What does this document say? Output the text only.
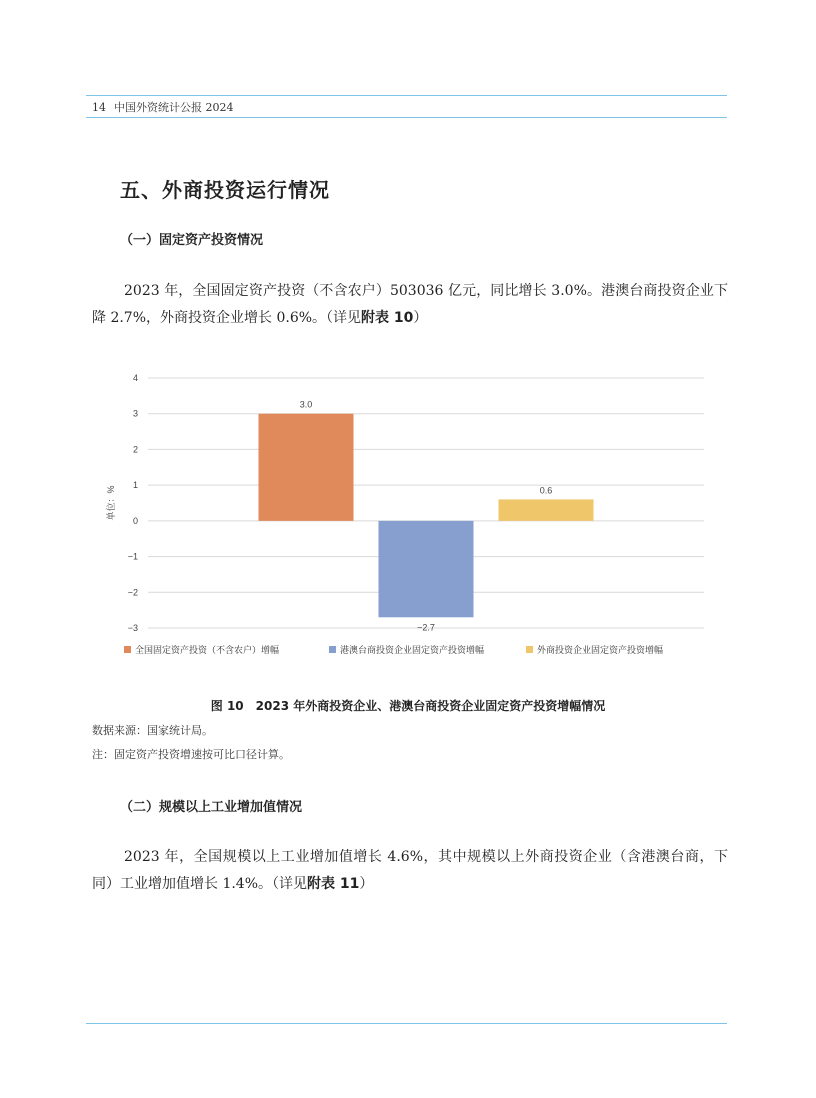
14 中国外资统计公报 2024
五、外商投资运行情况
（一）固定资产投资情况
2023 年，全国固定资产投资（不含农户）503036 亿元，同比增长 3.0%。港澳台商投资企业下降 2.7%，外商投资企业增长 0.6%。（详见附表 10）
4
3
2
1
0
−1
−2
−3
单位：%
3.0
−2.7
0.6
全国固定资产投资（不含农户）增幅	港澳台商投资企业固定资产投资增幅	外商投资企业固定资产投资增幅
图 10　2023 年外商投资企业、港澳台商投资企业固定资产投资增幅情况
数据来源：国家统计局。
注：固定资产投资增速按可比口径计算。
（二）规模以上工业增加值情况
2023 年，全国规模以上工业增加值增长 4.6%，其中规模以上外商投资企业（含港澳台商，下同）工业增加值增长 1.4%。（详见附表 11）
